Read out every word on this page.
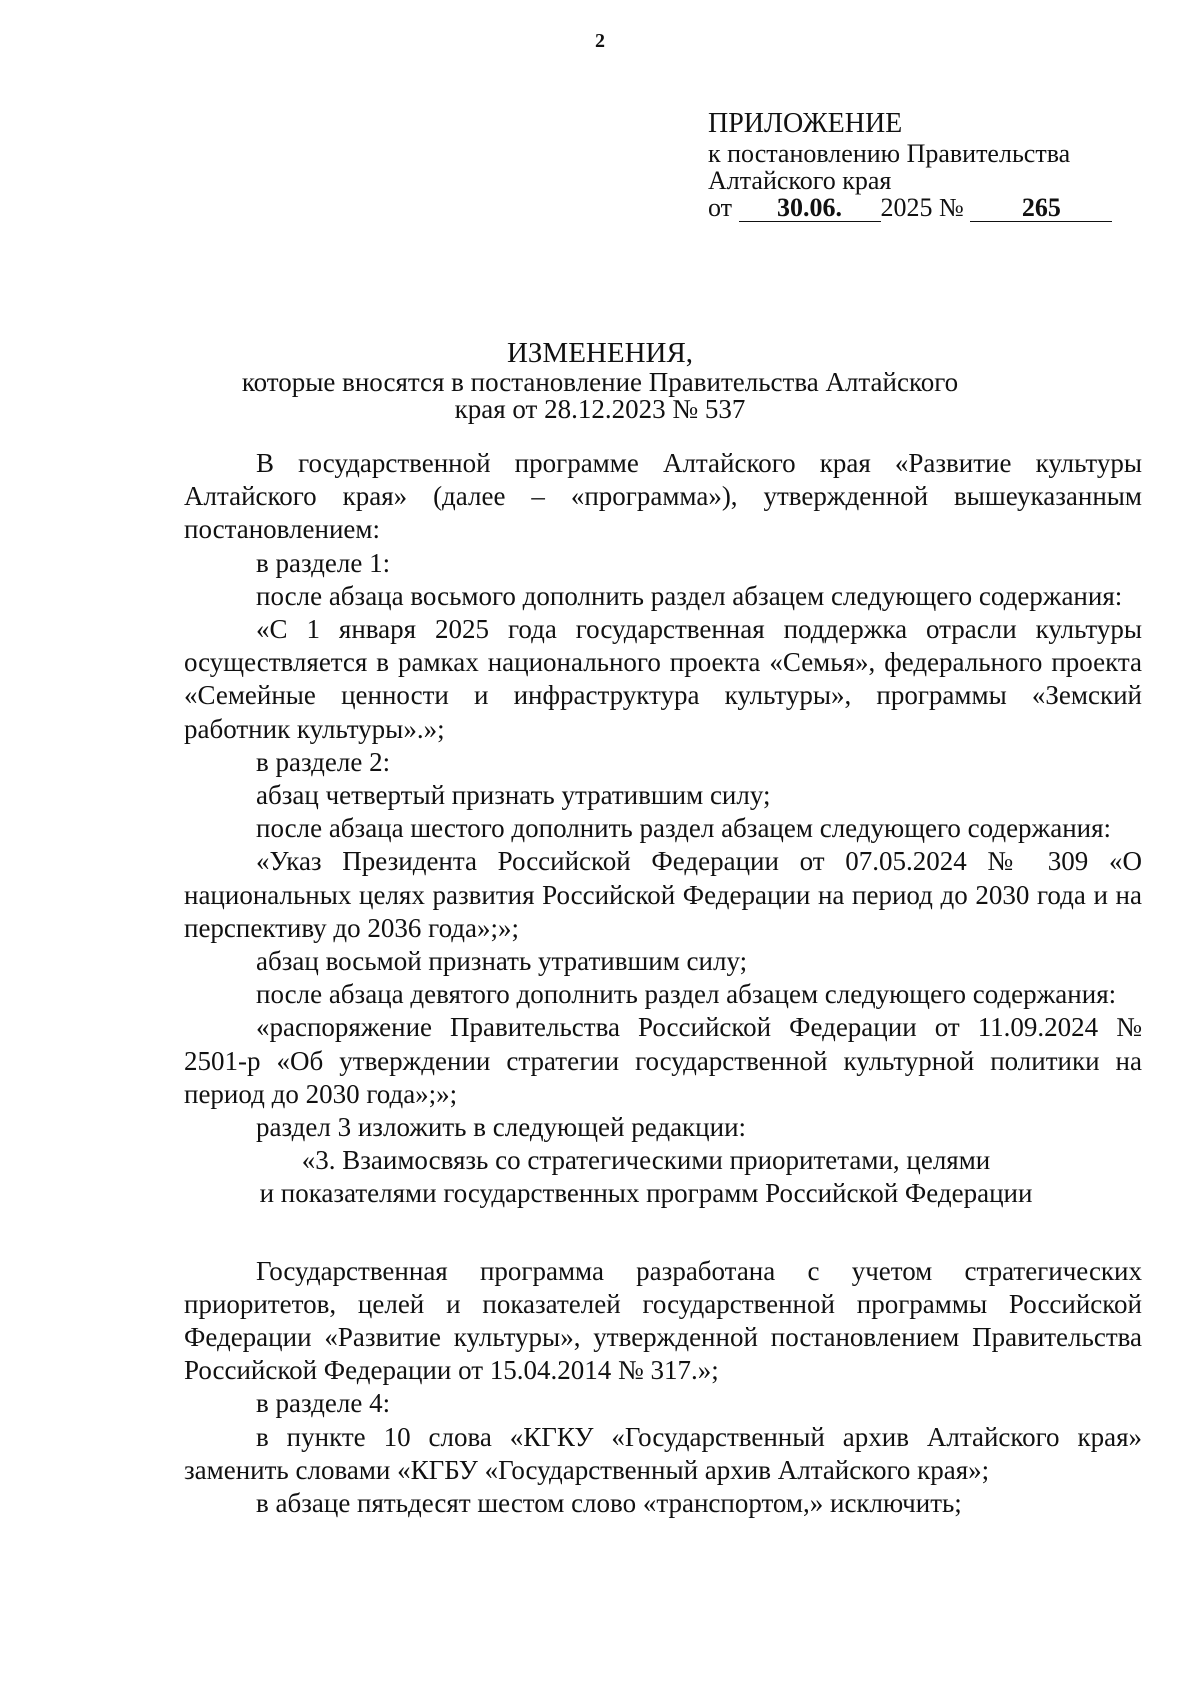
2
ПРИЛОЖЕНИЕ
к постановлению Правительства
Алтайского края
от 30.06. 2025 № 265
ИЗМЕНЕНИЯ,
которые вносятся в постановление Правительства Алтайского
края от 28.12.2023 № 537

В государственной программе Алтайского края «Развитие культуры Алтайского края» (далее – «программа»), утвержденной вышеуказанным постановлением:

в разделе 1:

после абзаца восьмого дополнить раздел абзацем следующего содержания:

«С 1 января 2025 года государственная поддержка отрасли культуры осуществляется в рамках национального проекта «Семья», федерального проекта «Семейные ценности и инфраструктура культуры», программы «Земский работник культуры».»;

в разделе 2:

абзац четвертый признать утратившим силу;

после абзаца шестого дополнить раздел абзацем следующего содержания:

«Указ Президента Российской Федерации от 07.05.2024 № 309 «О национальных целях развития Российской Федерации на период до 2030 года и на перспективу до 2036 года»;»;

абзац восьмой признать утратившим силу;

после абзаца девятого дополнить раздел абзацем следующего содержания:

«распоряжение Правительства Российской Федерации от 11.09.2024 № 2501-р «Об утверждении стратегии государственной культурной политики на период до 2030 года»;»;

раздел 3 изложить в следующей редакции:

«3. Взаимосвязь со стратегическими приоритетами, целями

и показателями государственных программ Российской Федерации

Государственная программа разработана с учетом стратегических приоритетов, целей и показателей государственной программы Российской Федерации «Развитие культуры», утвержденной постановлением Правительства Российской Федерации от 15.04.2014 № 317.»;

в разделе 4:

в пункте 10 слова «КГКУ «Государственный архив Алтайского края» заменить словами «КГБУ «Государственный архив Алтайского края»;

в абзаце пятьдесят шестом слово «транспортом,» исключить;
